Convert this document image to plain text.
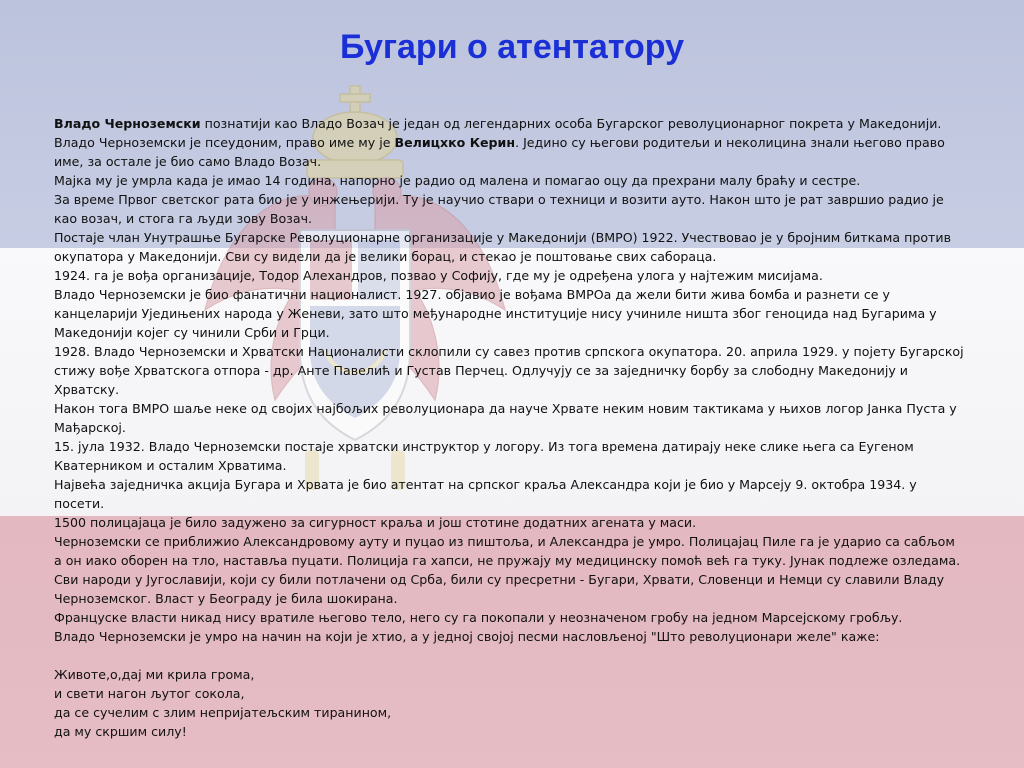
Бугари о атентатору

Владо Черноземски познатији као Владо Возач је један од легендарних особа Бугарског револуционарног покрета у Македонији. Владо Черноземски је псеудоним, право име му је Велицхко Керин. Једино су његови родитељи и неколицина знали његово право име, за остале је био само Владо Возач.

Мајка му је умрла када је имао 14 година, напорно је радио од малена и помагао оцу да прехрани малу браћу и сестре.

За време Првог светског рата био је у инжењерији. Ту је научио ствари о техници и возити ауто. Након што је рат завршио радио је као возач, и стога га људи зову Возач.

Постаје члан Унутрашње Бугарске Револуционарне организације у Македонији (ВМРО) 1922. Учествовао је у бројним биткама против окупатора у Македонији. Сви су видели да је велики борац, и стекао је поштовање свих сабораца.

1924. га је вођа организације, Тодор Алехандров, позвао у Софију, где му је одређена улога у најтежим мисијама.

Владо Черноземски је био фанатични националист. 1927. објавио је вођама ВМРОа да жели бити жива бомба и разнети се у канцеларији Уједињених народа у Женеви, зато што међународне институције нису учиниле ништа због геноцида над Бугарима у Македонији којег су чинили Срби и Грци.

1928. Владо Черноземски и Хрватски Националисти склопили су савез против српскога окупатора. 20. априла 1929. у појету Бугарској стижу вође Хрватскога отпора - др. Анте Павелић и Густав Перчец. Одлучују се за заједничку борбу за слободну Македонију и Хрватску.

Након тога ВМРО шаље неке од својих најбољих револуционара да науче Хрвате неким новим тактикама у њихов логор Јанка Пуста у Мађарској.

15. јула 1932. Владо Черноземски постаје хрватски инструктор у логору. Из тога времена датирају неке слике њега са Еугеном Кватерником и осталим Хрватима.

Највећа заједничка акција Бугара и Хрвата је био атентат на српског краља Александра који је био у Марсеју 9. октобра 1934. у посети.

1500 полицајаца је било задужено за сигурност краља и још стотине додатних агената у маси.

Черноземски се приближио Александровому ауту и пуцао из пиштоља, и Александра је умро. Полицајац Пиле га је ударио са сабљом а он иако оборен на тло, наставља пуцати. Полиција га хапси, не пружају му медицинску помоћ већ га туку. Јунак подлеже озледама.

Сви народи у Југославији, који су били потлачени од Срба, били су пресретни - Бугари, Хрвати, Словенци и Немци су славили Владу Черноземског. Власт у Београду је била шокирана.

Француске власти никад нису вратиле његово тело, него су га покопали у неозначеном гробу на једном Марсејскому гробљу.

Владо Черноземски је умро на начин на који је хтио, а у једној својој песми насловљеној "Што револуционари желе" каже:

Животе,о,дај ми крила грома,

и свети нагон љутог сокола,

да се сучелим с злим непријатељским тиранином,

да му скршим силу!
